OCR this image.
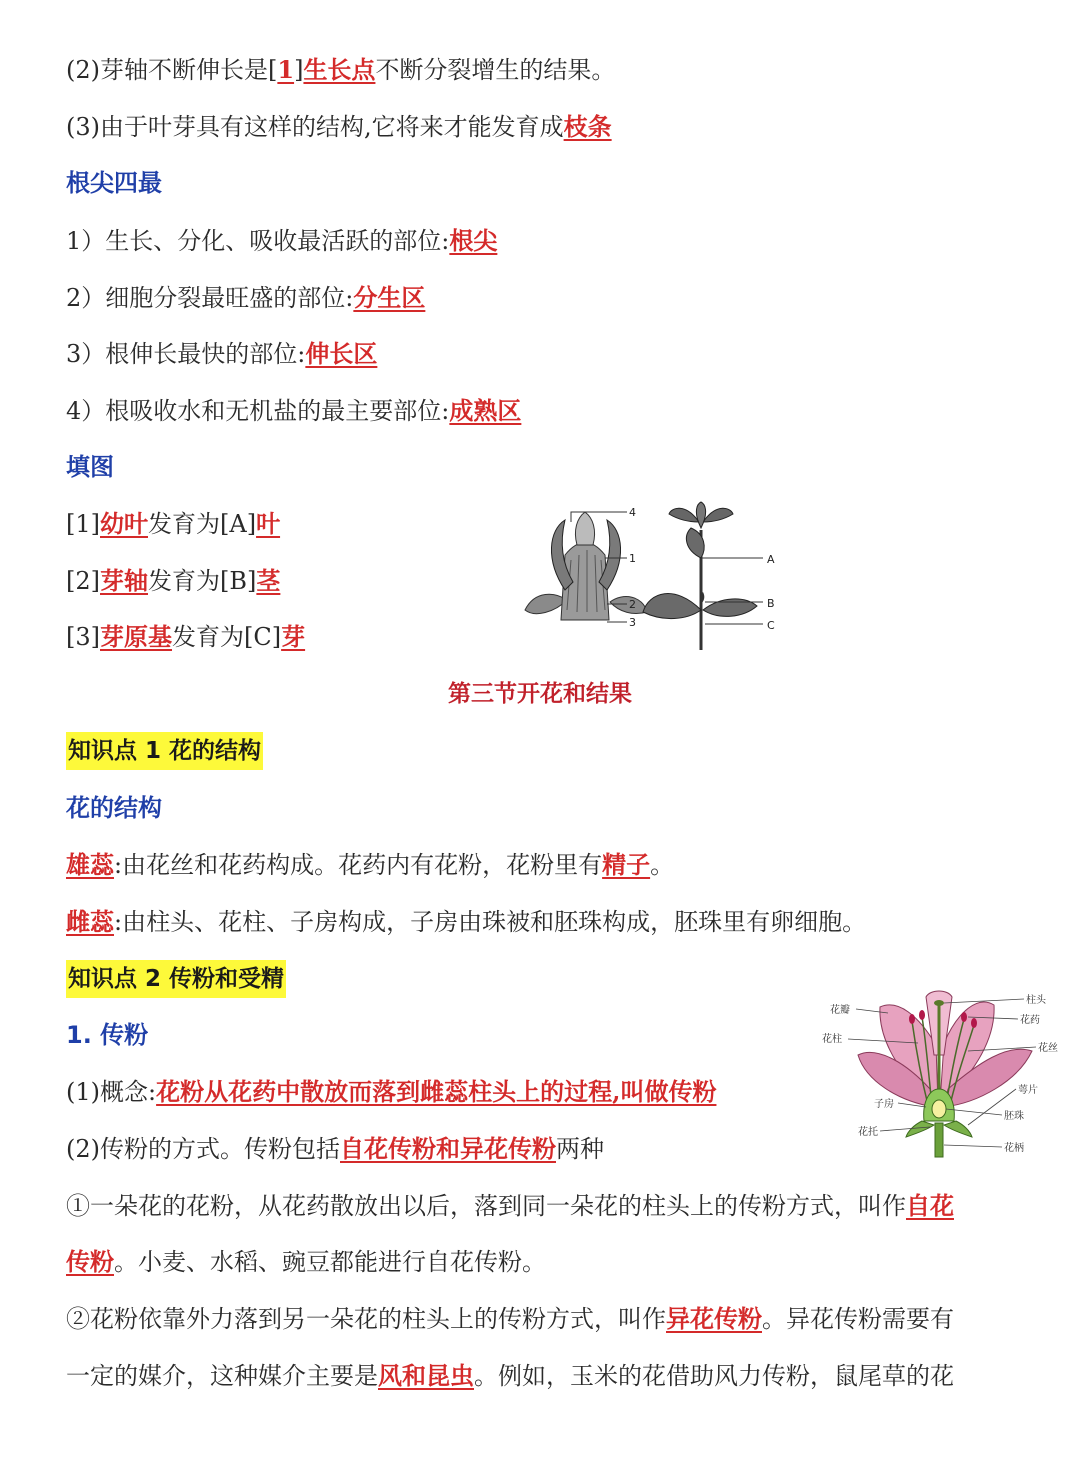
(2)芽轴不断伸长是[1]生长点不断分裂增生的结果。
(3)由于叶芽具有这样的结构,它将来才能发育成枝条
根尖四最
1）生长、分化、吸收最活跃的部位:根尖
2）细胞分裂最旺盛的部位:分生区
3）根伸长最快的部位:伸长区
4）根吸收水和无机盐的最主要部位:成熟区
填图
[1]幼叶发育为[A]叶
[2]芽轴发育为[B]茎
[3]芽原基发育为[C]芽
4
1
2
3
A
B
C
第三节开花和结果
知识点 1 花的结构
花的结构
雄蕊:由花丝和花药构成。花药内有花粉，花粉里有精子。
雌蕊:由柱头、花柱、子房构成，子房由珠被和胚珠构成，胚珠里有卵细胞。
知识点 2 传粉和受精
1. 传粉
(1)概念:花粉从花药中散放而落到雌蕊柱头上的过程,叫做传粉
(2)传粉的方式。传粉包括自花传粉和异花传粉两种
①一朵花的花粉，从花药散放出以后，落到同一朵花的柱头上的传粉方式，叫作自花
传粉。小麦、水稻、豌豆都能进行自花传粉。
②花粉依靠外力落到另一朵花的柱头上的传粉方式，叫作异花传粉。异花传粉需要有
一定的媒介，这种媒介主要是风和昆虫。例如，玉米的花借助风力传粉，鼠尾草的花
花瓣
花柱
子房
花托
柱头
花药
花丝
萼片
胚珠
花柄
